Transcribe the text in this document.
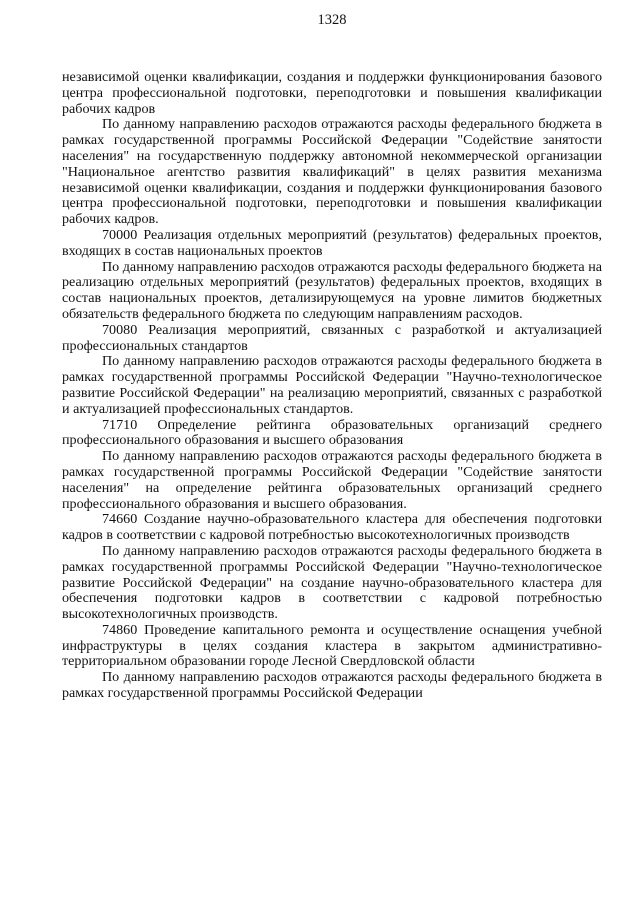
1328

независимой оценки квалификации, создания и поддержки функционирования базового центра профессиональной подготовки, переподготовки и повышения квалификации рабочих кадров

По данному направлению расходов отражаются расходы федерального бюджета в рамках государственной программы Российской Федерации "Содействие занятости населения" на государственную поддержку автономной некоммерческой организации "Национальное агентство развития квалификаций" в целях развития механизма независимой оценки квалификации, создания и поддержки функционирования базового центра профессиональной подготовки, переподготовки и повышения квалификации рабочих кадров.

70000 Реализация отдельных мероприятий (результатов) федеральных проектов, входящих в состав национальных проектов

По данному направлению расходов отражаются расходы федерального бюджета на реализацию отдельных мероприятий (результатов) федеральных проектов, входящих в состав национальных проектов, детализирующемуся на уровне лимитов бюджетных обязательств федерального бюджета по следующим направлениям расходов.

70080 Реализация мероприятий, связанных с разработкой и актуализацией профессиональных стандартов

По данному направлению расходов отражаются расходы федерального бюджета в рамках государственной программы Российской Федерации "Научно-технологическое развитие Российской Федерации" на реализацию мероприятий, связанных с разработкой и актуализацией профессиональных стандартов.

71710 Определение рейтинга образовательных организаций среднего профессионального образования и высшего образования

По данному направлению расходов отражаются расходы федерального бюджета в рамках государственной программы Российской Федерации "Содействие занятости населения" на определение рейтинга образовательных организаций среднего профессионального образования и высшего образования.

74660 Создание научно-образовательного кластера для обеспечения подготовки кадров в соответствии с кадровой потребностью высокотехнологичных производств

По данному направлению расходов отражаются расходы федерального бюджета в рамках государственной программы Российской Федерации "Научно-технологическое развитие Российской Федерации" на создание научно-образовательного кластера для обеспечения подготовки кадров в соответствии с кадровой потребностью высокотехнологичных производств.

74860 Проведение капитального ремонта и осуществление оснащения учебной инфраструктуры в целях создания кластера в закрытом административно-территориальном образовании городе Лесной Свердловской области

По данному направлению расходов отражаются расходы федерального бюджета в рамках государственной программы Российской Федерации
